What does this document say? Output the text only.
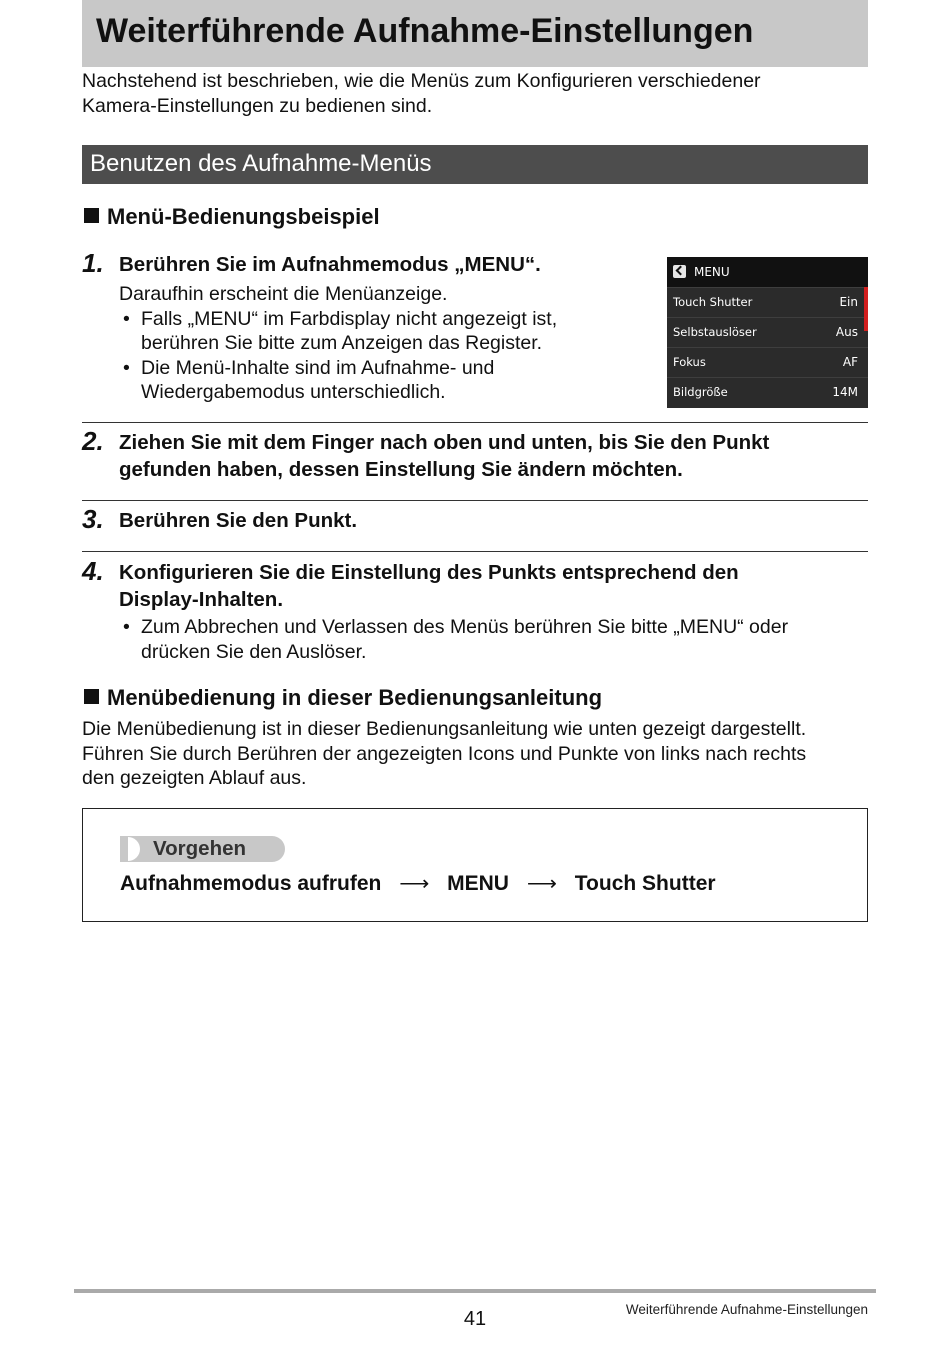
Weiterführende Aufnahme-Einstellungen
Nachstehend ist beschrieben, wie die Menüs zum Konfigurieren verschiedener
Kamera-Einstellungen zu bedienen sind.
Benutzen des Aufnahme-Menüs
Menü-Bedienungsbeispiel
1. Berühren Sie im Aufnahmemodus „MENU“.
Daraufhin erscheint die Menüanzeige.
• Falls „MENU“ im Farbdisplay nicht angezeigt ist,
berühren Sie bitte zum Anzeigen das Register.
• Die Menü-Inhalte sind im Aufnahme- und
Wiedergabemodus unterschiedlich.
MENU
Touch Shutter	Ein
Selbstauslöser	Aus
Fokus	AF
Bildgröße	14M
2. Ziehen Sie mit dem Finger nach oben und unten, bis Sie den Punkt
gefunden haben, dessen Einstellung Sie ändern möchten.
3. Berühren Sie den Punkt.
4. Konfigurieren Sie die Einstellung des Punkts entsprechend den
Display-Inhalten.
• Zum Abbrechen und Verlassen des Menüs berühren Sie bitte „MENU“ oder
drücken Sie den Auslöser.
Menübedienung in dieser Bedienungsanleitung
Die Menübedienung ist in dieser Bedienungsanleitung wie unten gezeigt dargestellt.
Führen Sie durch Berühren der angezeigten Icons und Punkte von links nach rechts
den gezeigten Ablauf aus.
Vorgehen
Aufnahmemodus aufrufen ⟶ MENU ⟶ Touch Shutter
41	Weiterführende Aufnahme-Einstellungen
